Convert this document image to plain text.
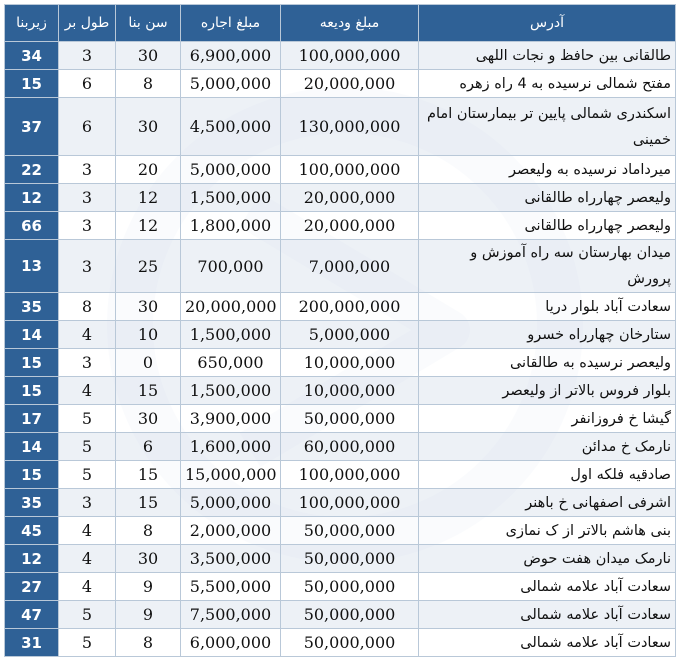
آدرس	مبلغ ودیعه	مبلغ اجاره	سن بنا	طول بر	زیربنا
طالقانی بین حافظ و نجات اللهی	100,000,000	6,900,000	30	3	34
مفتح شمالی نرسیده به 4 راه زهره	20,000,000	5,000,000	8	6	15
اسکندری شمالی پایین تر بیمارستان امام خمینی	130,000,000	4,500,000	30	6	37
میرداماد نرسیده به ولیعصر	100,000,000	5,000,000	20	3	22
ولیعصر چهارراه طالقانی	20,000,000	1,500,000	12	3	12
ولیعصر چهارراه طالقانی	20,000,000	1,800,000	12	3	66
میدان بهارستان سه راه آموزش و پرورش	7,000,000	700,000	25	3	13
سعادت آباد بلوار دریا	200,000,000	20,000,000	30	8	35
ستارخان چهارراه خسرو	5,000,000	1,500,000	10	4	14
ولیعصر نرسیده به طالقانی	10,000,000	650,000	0	3	15
بلوار فروس بالاتر از ولیعصر	10,000,000	1,500,000	15	4	15
گیشا خ فروزانفر	50,000,000	3,900,000	30	5	17
نارمک خ مدائن	60,000,000	1,600,000	6	5	14
صادقیه فلکه اول	100,000,000	15,000,000	15	5	15
اشرفی اصفهانی خ باهنر	100,000,000	5,000,000	15	3	35
بنی هاشم بالاتر از ک نمازی	50,000,000	2,000,000	8	4	45
نارمک میدان هفت حوض	50,000,000	3,500,000	30	4	12
سعادت آباد علامه شمالی	50,000,000	5,500,000	9	4	27
سعادت آباد علامه شمالی	50,000,000	7,500,000	9	5	47
سعادت آباد علامه شمالی	50,000,000	6,000,000	8	5	31
